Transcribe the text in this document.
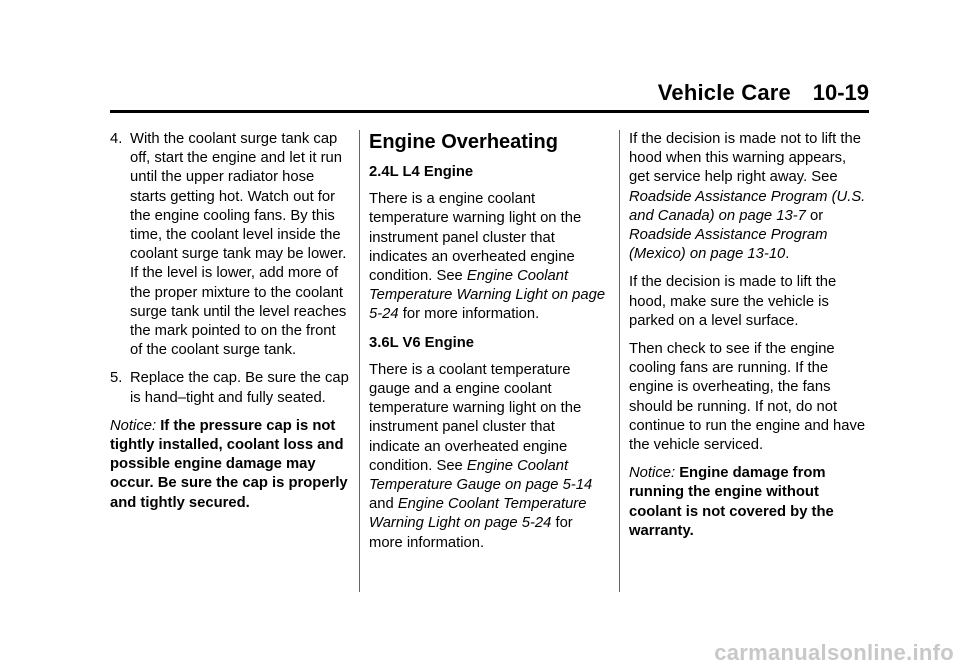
Vehicle Care 10-19
4. With the coolant surge tank cap off, start the engine and let it run until the upper radiator hose starts getting hot. Watch out for the engine cooling fans. By this time, the coolant level inside the coolant surge tank may be lower. If the level is lower, add more of the proper mixture to the coolant surge tank until the level reaches the mark pointed to on the front of the coolant surge tank.
5. Replace the cap. Be sure the cap is hand–tight and fully seated.

Notice: If the pressure cap is not tightly installed, coolant loss and possible engine damage may occur. Be sure the cap is properly and tightly secured.

Engine Overheating
2.4L L4 Engine

There is a engine coolant temperature warning light on the instrument panel cluster that indicates an overheated engine condition. See Engine Coolant Temperature Warning Light on page 5‑24 for more information.

3.6L V6 Engine

There is a coolant temperature gauge and a engine coolant temperature warning light on the instrument panel cluster that indicate an overheated engine condition. See Engine Coolant Temperature Gauge on page 5‑14 and Engine Coolant Temperature Warning Light on page 5‑24 for more information.

If the decision is made not to lift the hood when this warning appears, get service help right away. See Roadside Assistance Program (U.S. and Canada) on page 13‑7 or Roadside Assistance Program (Mexico) on page 13‑10.

If the decision is made to lift the hood, make sure the vehicle is parked on a level surface.

Then check to see if the engine cooling fans are running. If the engine is overheating, the fans should be running. If not, do not continue to run the engine and have the vehicle serviced.

Notice: Engine damage from running the engine without coolant is not covered by the warranty.

carmanualsonline.info
